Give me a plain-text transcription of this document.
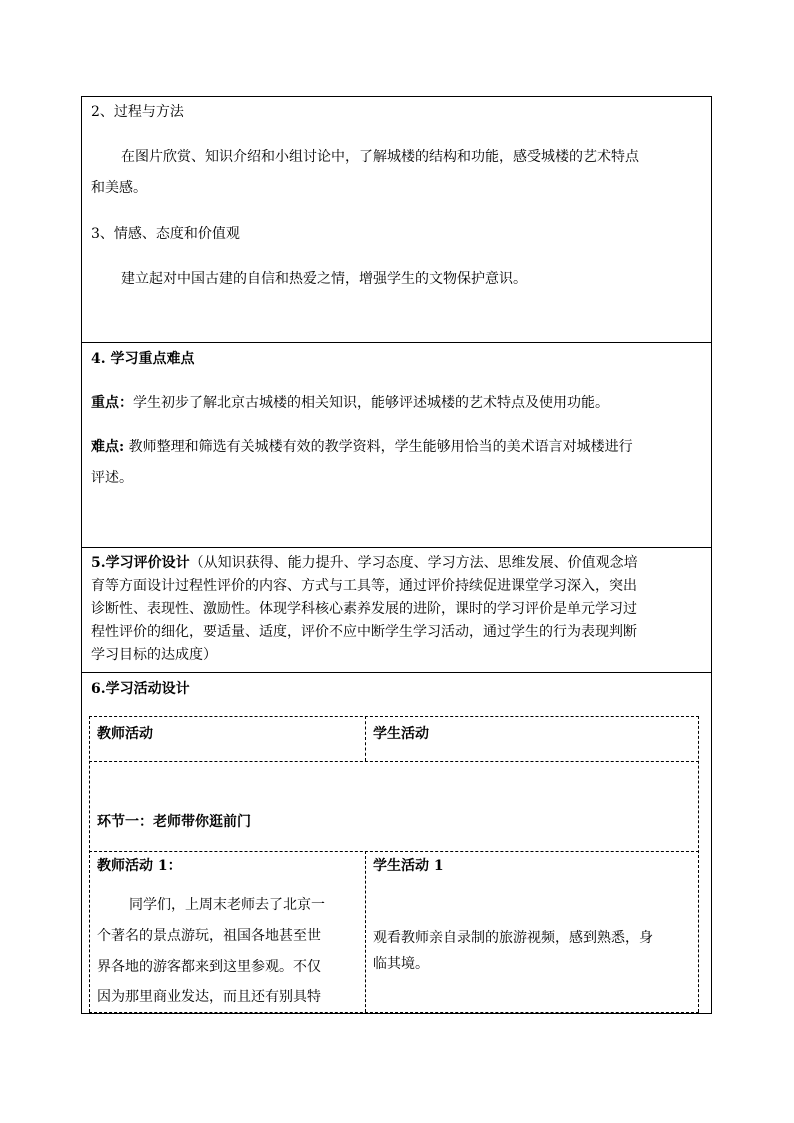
2、过程与方法
在图片欣赏、知识介绍和小组讨论中，了解城楼的结构和功能，感受城楼的艺术特点
和美感。
3、情感、态度和价值观
建立起对中国古建的自信和热爱之情，增强学生的文物保护意识。
4. 学习重点难点
重点：学生初步了解北京古城楼的相关知识，能够评述城楼的艺术特点及使用功能。
难点: 教师整理和筛选有关城楼有效的教学资料，学生能够用恰当的美术语言对城楼进行
评述。
5.学习评价设计（从知识获得、能力提升、学习态度、学习方法、思维发展、价值观念培
育等方面设计过程性评价的内容、方式与工具等，通过评价持续促进课堂学习深入，突出
诊断性、表现性、激励性。体现学科核心素养发展的进阶，课时的学习评价是单元学习过
程性评价的细化，要适量、适度，评价不应中断学生学习活动，通过学生的行为表现判断
学习目标的达成度）
6.学习活动设计
教师活动	学生活动
环节一：老师带你逛前门
教师活动 1：
同学们，上周末老师去了北京一
个著名的景点游玩，祖国各地甚至世
界各地的游客都来到这里参观。不仅
因为那里商业发达，而且还有别具特
学生活动 1
观看教师亲自录制的旅游视频，感到熟悉，身
临其境。
